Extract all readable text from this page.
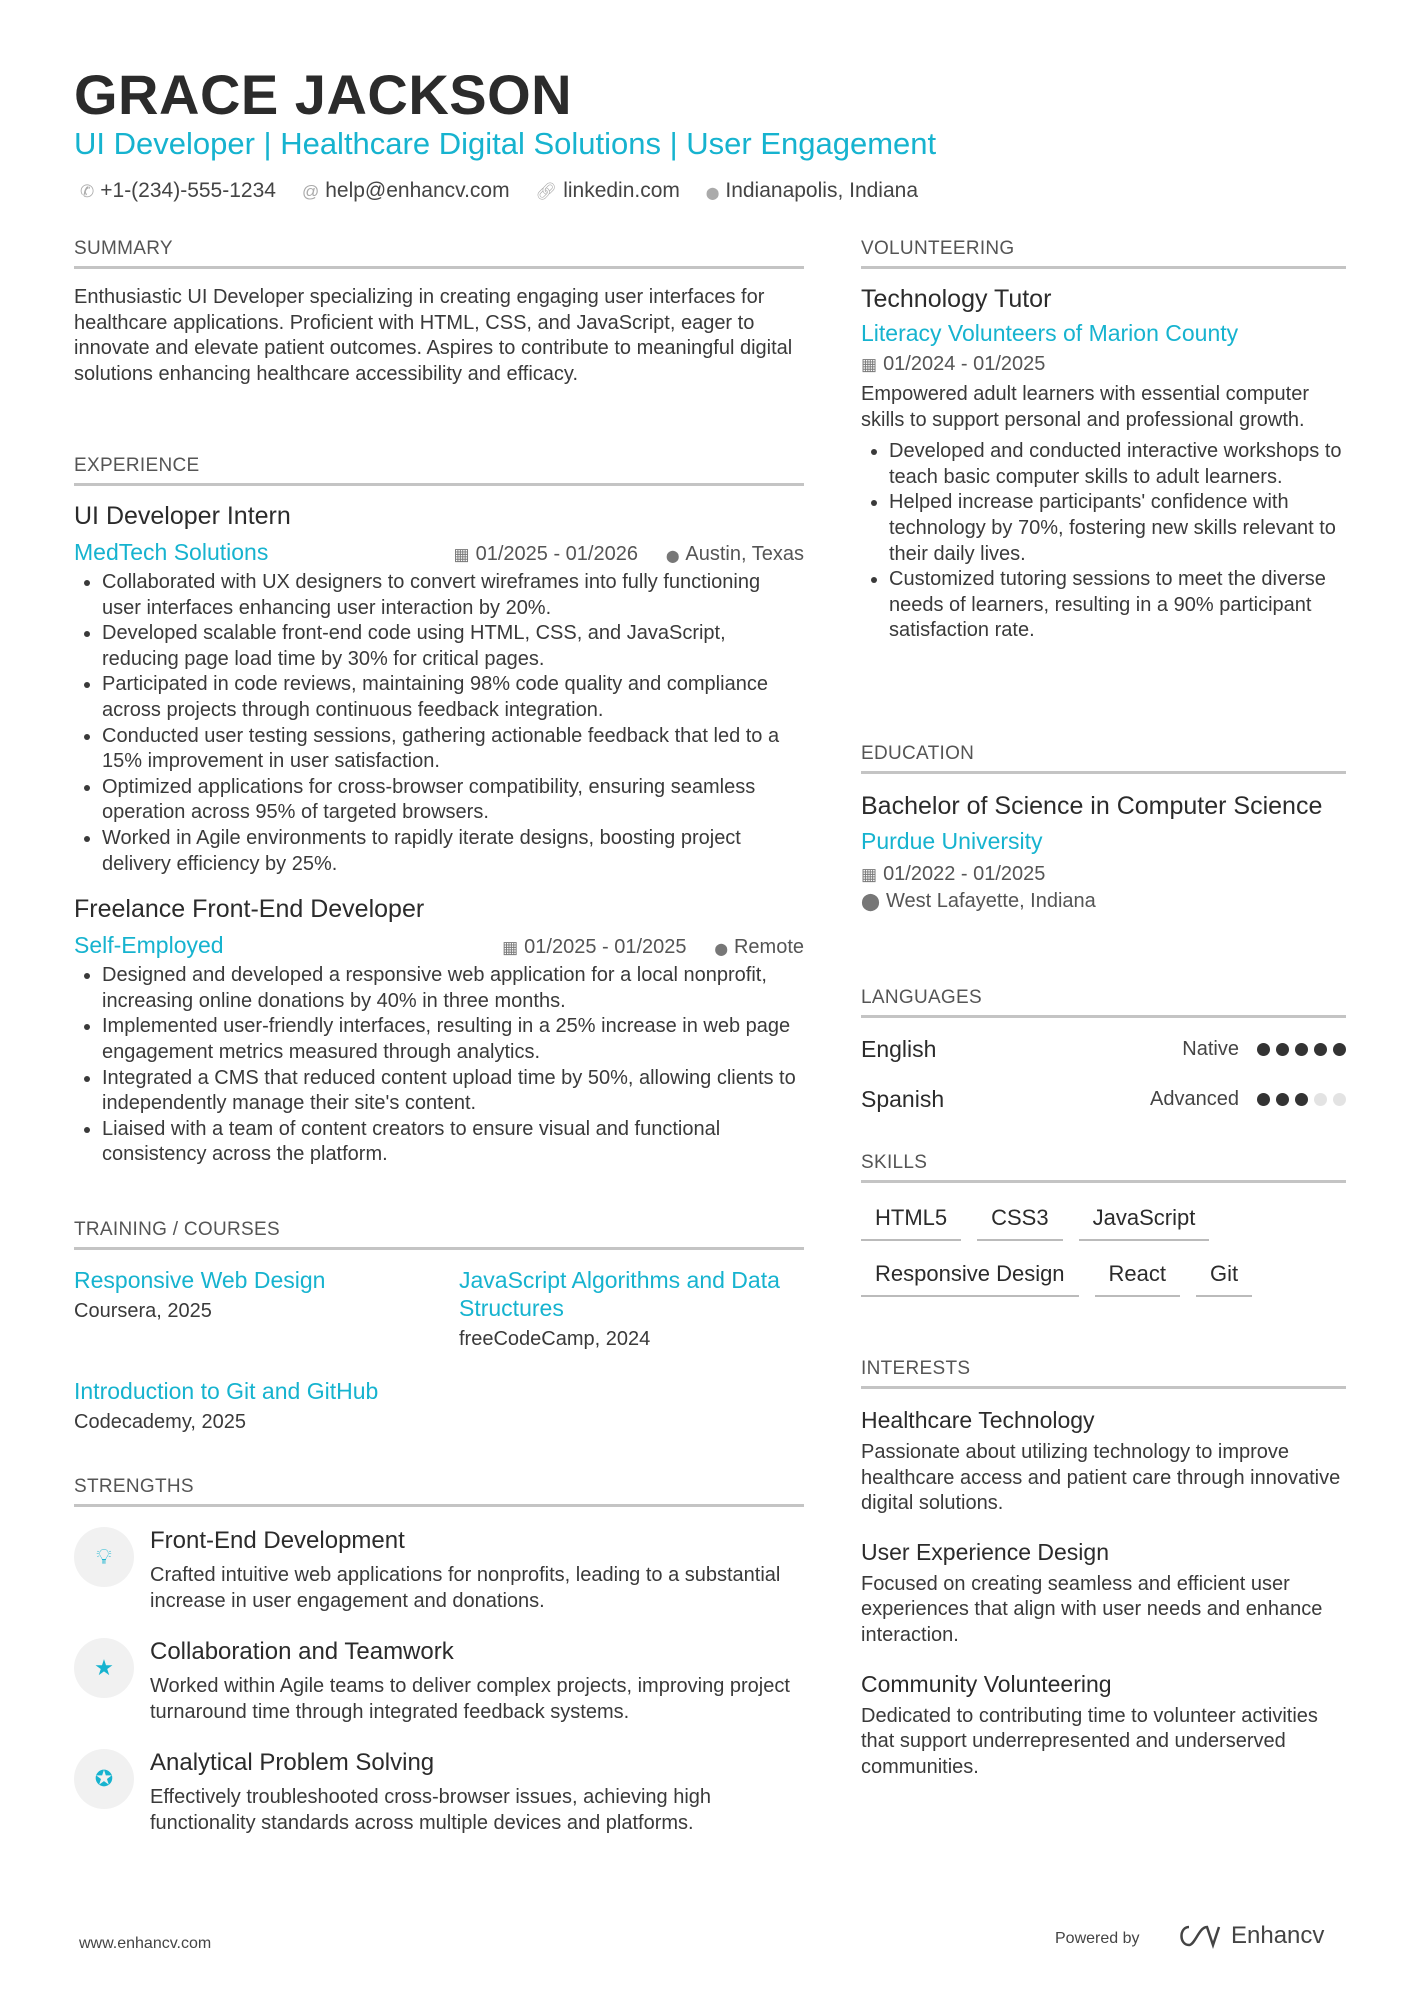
GRACE JACKSON
UI Developer | Healthcare Digital Solutions | User Engagement
✆ +1-(234)-555-1234 @ help@enhancv.com 🔗︎ linkedin.com ⬤ Indianapolis, Indiana
SUMMARY

Enthusiastic UI Developer specializing in creating engaging user interfaces for healthcare applications. Proficient with HTML, CSS, and JavaScript, eager to innovate and elevate patient outcomes. Aspires to contribute to meaningful digital solutions enhancing healthcare accessibility and efficacy.

EXPERIENCE
UI Developer Intern
MedTech Solutions	▦ 01/2025 - 01/2026 ⬤ Austin, Texas
• Collaborated with UX designers to convert wireframes into fully functioning user interfaces enhancing user interaction by 20%.
• Developed scalable front-end code using HTML, CSS, and JavaScript, reducing page load time by 30% for critical pages.
• Participated in code reviews, maintaining 98% code quality and compliance across projects through continuous feedback integration.
• Conducted user testing sessions, gathering actionable feedback that led to a 15% improvement in user satisfaction.
• Optimized applications for cross-browser compatibility, ensuring seamless operation across 95% of targeted browsers.
• Worked in Agile environments to rapidly iterate designs, boosting project delivery efficiency by 25%.
Freelance Front-End Developer
Self-Employed	▦ 01/2025 - 01/2025 ⬤ Remote
• Designed and developed a responsive web application for a local nonprofit, increasing online donations by 40% in three months.
• Implemented user-friendly interfaces, resulting in a 25% increase in web page engagement metrics measured through analytics.
• Integrated a CMS that reduced content upload time by 50%, allowing clients to independently manage their site's content.
• Liaised with a team of content creators to ensure visual and functional consistency across the platform.
TRAINING / COURSES
Responsive Web Design
Coursera, 2025
JavaScript Algorithms and Data Structures
freeCodeCamp, 2024
Introduction to Git and GitHub
Codecademy, 2025
STRENGTHS
💡︎
Front-End Development

Crafted intuitive web applications for nonprofits, leading to a substantial increase in user engagement and donations.

★
Collaboration and Teamwork

Worked within Agile teams to deliver complex projects, improving project turnaround time through integrated feedback systems.

✪
Analytical Problem Solving

Effectively troubleshooted cross-browser issues, achieving high functionality standards across multiple devices and platforms.

VOLUNTEERING
Technology Tutor
Literacy Volunteers of Marion County
▦ 01/2024 - 01/2025

Empowered adult learners with essential computer skills to support personal and professional growth.

• Developed and conducted interactive workshops to teach basic computer skills to adult learners.
• Helped increase participants' confidence with technology by 70%, fostering new skills relevant to their daily lives.
• Customized tutoring sessions to meet the diverse needs of learners, resulting in a 90% participant satisfaction rate.
EDUCATION
Bachelor of Science in Computer Science
Purdue University
▦ 01/2022 - 01/2025
⬤ West Lafayette, Indiana
LANGUAGES
English	Native
Spanish	Advanced
SKILLS
HTML5	CSS3	JavaScript
Responsive Design	React	Git
INTERESTS
Healthcare Technology

Passionate about utilizing technology to improve healthcare access and patient care through innovative digital solutions.

User Experience Design

Focused on creating seamless and efficient user experiences that align with user needs and enhance interaction.

Community Volunteering

Dedicated to contributing time to volunteer activities that support underrepresented and underserved communities.

www.enhancv.com	Powered by	Enhancv
